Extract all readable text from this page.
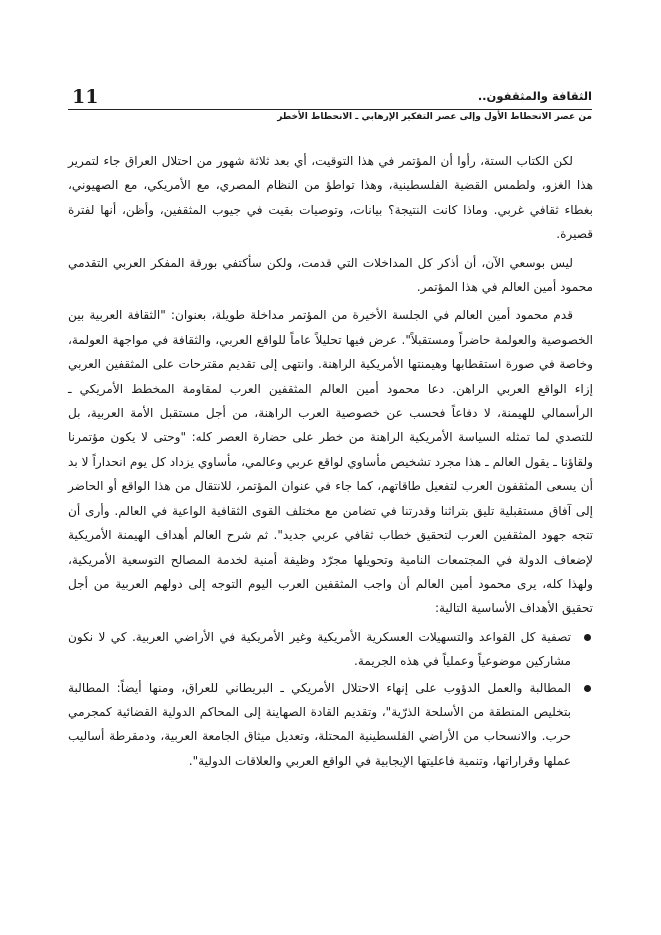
11	الثقافة والمثقفون..
من عصر الانحطاط الأول وإلى عصر التفكير الإرهابي ـ الانحطاط الأخطر

لكن الكتاب الستة، رأوا أن المؤتمر في هذا التوقيت، أي بعد ثلاثة شهور من احتلال العراق جاء لتمرير هذا الغزو، ولطمس القضية الفلسطينية، وهذا تواطؤ من النظام المصري، مع الأمريكي، مع الصهيوني، بغطاء ثقافي غربي. وماذا كانت النتيجة؟ بيانات، وتوصيات بقيت في جيوب المثقفين، وأظن، أنها لفترة قصيرة.

ليس بوسعي الآن، أن أذكر كل المداخلات التي قدمت، ولكن سأكتفي بورقة المفكر العربي التقدمي محمود أمين العالم في هذا المؤتمر.

قدم محمود أمين العالم في الجلسة الأخيرة من المؤتمر مداخلة طويلة، بعنوان: "الثقافة العربية بين الخصوصية والعولمة حاضراً ومستقبلاً". عرض فيها تحليلاً عاماً للواقع العربي، والثقافة في مواجهة العولمة، وخاصة في صورة استقطابها وهيمنتها الأمريكية الراهنة. وانتهى إلى تقديم مقترحات على المثقفين العربي إزاء الواقع العربي الراهن. دعا محمود أمين العالم المثقفين العرب لمقاومة المخطط الأمريكي ـ الرأسمالي للهيمنة، لا دفاعاً فحسب عن خصوصية العرب الراهنة، من أجل مستقبل الأمة العربية، بل للتصدي لما تمثله السياسة الأمريكية الراهنة من خطر على حضارة العصر كله: "وحتى لا يكون مؤتمرنا ولقاؤنا ـ يقول العالم ـ هذا مجرد تشخيص مأساوي لواقع عربي وعالمي، مأساوي يزداد كل يوم انحداراً لا بد أن يسعى المثقفون العرب لتفعيل طاقاتهم، كما جاء في عنوان المؤتمر، للانتقال من هذا الواقع أو الحاضر إلى آفاق مستقبلية تليق بتراثنا وقدرتنا في تضامن مع مختلف القوى الثقافية الواعية في العالم. وأرى أن تتجه جهود المثقفين العرب لتحقيق خطاب ثقافي عربي جديد". ثم شرح العالم أهداف الهيمنة الأمريكية لإضعاف الدولة في المجتمعات النامية وتحويلها مجرّد وظيفة أمنية لخدمة المصالح التوسعية الأمريكية، ولهذا كله، يرى محمود أمين العالم أن واجب المثقفين العرب اليوم التوجه إلى دولهم العربية من أجل تحقيق الأهداف الأساسية التالية:

تصفية كل القواعد والتسهيلات العسكرية الأمريكية وغير الأمريكية في الأراضي العربية. كي لا نكون مشاركين موضوعياً وعملياً في هذه الجريمة.
المطالبة والعمل الدؤوب على إنهاء الاحتلال الأمريكي ـ البريطاني للعراق، ومنها أيضاً: المطالبة بتخليص المنطقة من الأسلحة الذرّية"، وتقديم القادة الصهاينة إلى المحاكم الدولية القضائية كمجرمي حرب. والانسحاب من الأراضي الفلسطينية المحتلة، وتعديل ميثاق الجامعة العربية، ودمقرطة أساليب عملها وقراراتها، وتنمية فاعليتها الإيجابية في الواقع العربي والعلاقات الدولية".
